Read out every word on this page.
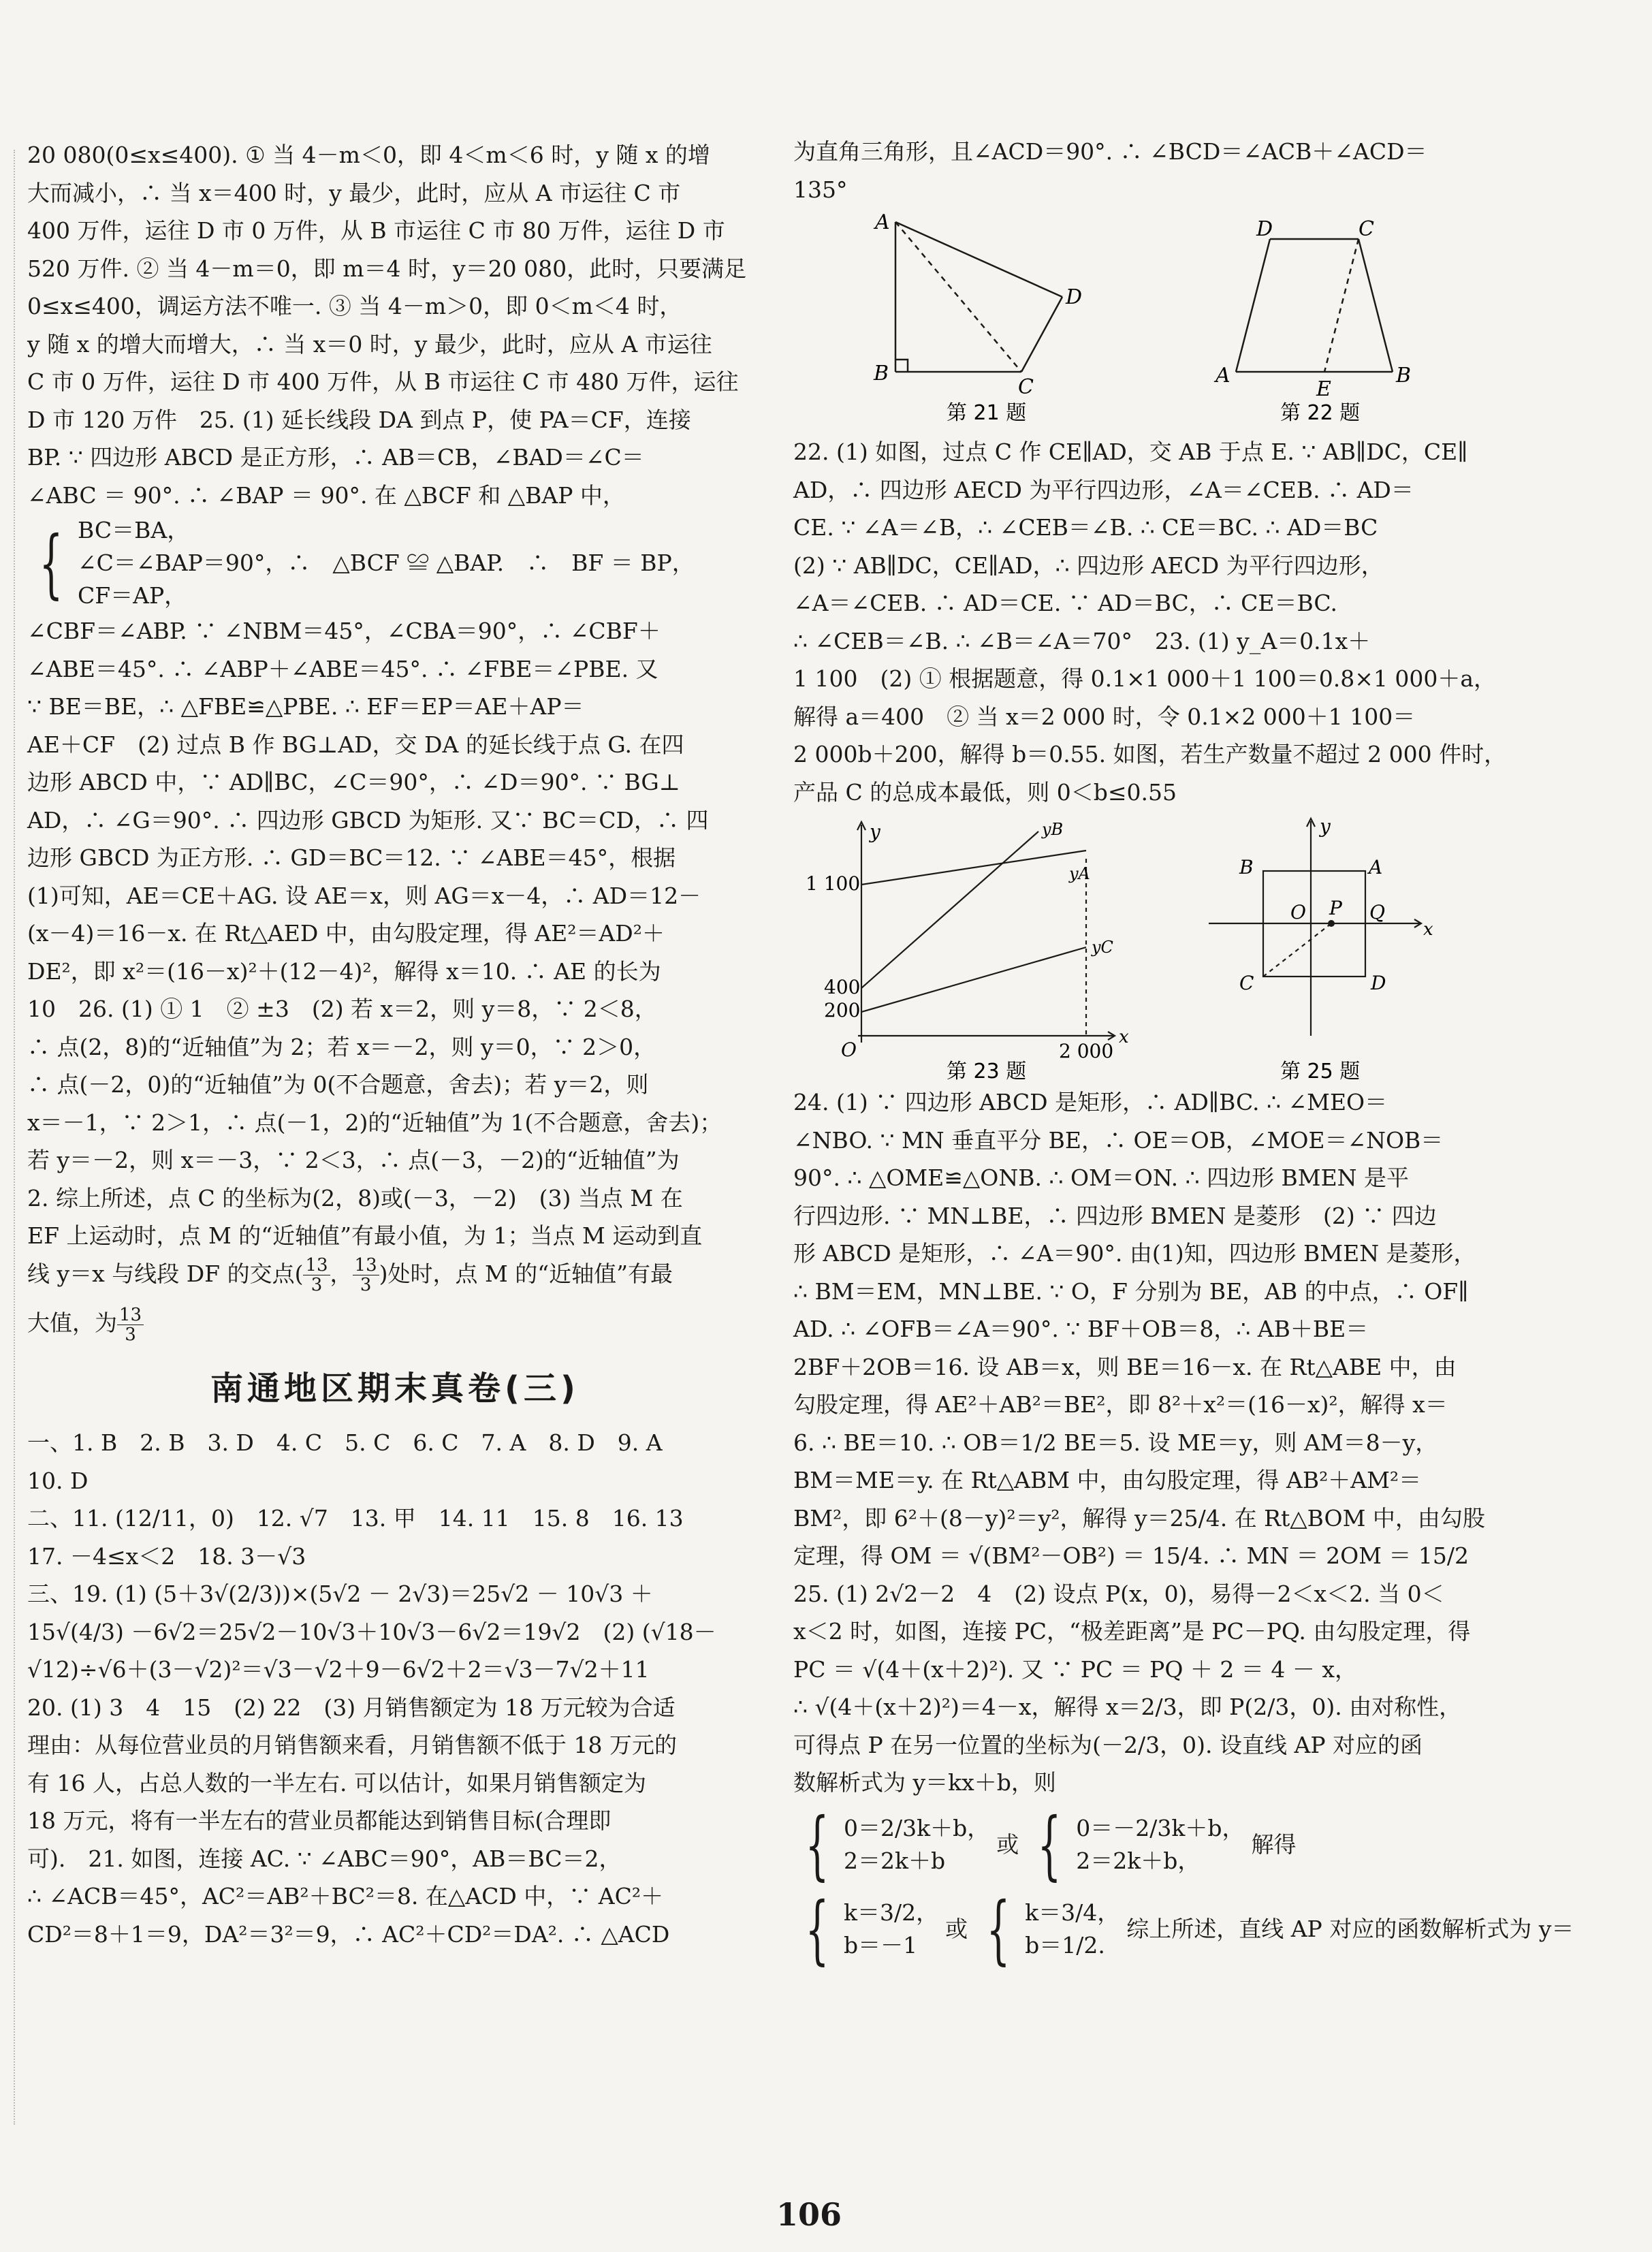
20 080(0≤x≤400). ① 当 4－m＜0，即 4＜m＜6 时，y 随 x 的增
大而减小，∴ 当 x＝400 时，y 最少，此时，应从 A 市运往 C 市
400 万件，运往 D 市 0 万件，从 B 市运往 C 市 80 万件，运往 D 市
520 万件. ② 当 4－m＝0，即 m＝4 时，y＝20 080，此时，只要满足
0≤x≤400，调运方法不唯一. ③ 当 4－m＞0，即 0＜m＜4 时，
y 随 x 的增大而增大，∴ 当 x＝0 时，y 最少，此时，应从 A 市运往
C 市 0 万件，运往 D 市 400 万件，从 B 市运往 C 市 480 万件，运往
D 市 120 万件　25. (1) 延长线段 DA 到点 P，使 PA＝CF，连接
BP. ∵ 四边形 ABCD 是正方形，∴ AB＝CB，∠BAD＝∠C＝
∠ABC ＝ 90°. ∴ ∠BAP ＝ 90°. 在 △BCF 和 △BAP 中，
{ BC＝BA，
∠C＝∠BAP＝90°，∴　△BCF ≌ △BAP.　∴　BF ＝ BP，
CF＝AP，
∠CBF＝∠ABP. ∵ ∠NBM＝45°，∠CBA＝90°，∴ ∠CBF＋
∠ABE＝45°. ∴ ∠ABP＋∠ABE＝45°. ∴ ∠FBE＝∠PBE. 又
∵ BE＝BE，∴ △FBE≌△PBE. ∴ EF＝EP＝AE＋AP＝
AE＋CF　(2) 过点 B 作 BG⊥AD，交 DA 的延长线于点 G. 在四
边形 ABCD 中，∵ AD∥BC，∠C＝90°，∴ ∠D＝90°. ∵ BG⊥
AD，∴ ∠G＝90°. ∴ 四边形 GBCD 为矩形. 又∵ BC＝CD，∴ 四
边形 GBCD 为正方形. ∴ GD＝BC＝12. ∵ ∠ABE＝45°，根据
(1)可知，AE＝CE＋AG. 设 AE＝x，则 AG＝x－4，∴ AD＝12－
(x－4)＝16－x. 在 Rt△AED 中，由勾股定理，得 AE²＝AD²＋
DE²，即 x²＝(16－x)²＋(12－4)²，解得 x＝10. ∴ AE 的长为
10　26. (1) ① 1　② ±3　(2) 若 x＝2，则 y＝8，∵ 2＜8，
∴ 点(2，8)的“近轴值”为 2；若 x＝－2，则 y＝0，∵ 2＞0，
∴ 点(－2，0)的“近轴值”为 0(不合题意，舍去)；若 y＝2，则
x＝－1，∵ 2＞1，∴ 点(－1，2)的“近轴值”为 1(不合题意，舍去)；
若 y＝－2，则 x＝－3，∵ 2＜3，∴ 点(－3，－2)的“近轴值”为
2. 综上所述，点 C 的坐标为(2，8)或(－3，－2)　(3) 当点 M 在
EF 上运动时，点 M 的“近轴值”有最小值，为 1；当点 M 运动到直
线 y＝x 与线段 DF 的交点( $\frac{13}{3}$ ， $\frac{13}{3}$ )处时，点 M 的“近轴值”有最
大值，为 $\frac{13}{3}$
南通地区期末真卷(三)
一、1. B　2. B　3. D　4. C　5. C　6. C　7. A　8. D　9. A
10. D
二、11. (12/11，0)　12. √7　13. 甲　14. 11　15. 8　16. 13
17. －4≤x＜2　18. 3－√3
三、19. (1) (5＋3√(2/3))×(5√2 － 2√3)＝25√2 － 10√3 ＋
15√(4/3) －6√2＝25√2－10√3＋10√3－6√2＝19√2　(2) (√18－
√12)÷√6＋(3－√2)²＝√3－√2＋9－6√2＋2＝√3－7√2＋11
20. (1) 3　4　15　(2) 22　(3) 月销售额定为 18 万元较为合适
理由：从每位营业员的月销售额来看，月销售额不低于 18 万元的
有 16 人，占总人数的一半左右. 可以估计，如果月销售额定为
18 万元，将有一半左右的营业员都能达到销售目标(合理即
可).　21. 如图，连接 AC. ∵ ∠ABC＝90°，AB＝BC＝2，
∴ ∠ACB＝45°，AC²＝AB²＋BC²＝8. 在△ACD 中，∵ AC²＋
CD²＝8＋1＝9，DA²＝3²＝9，∴ AC²＋CD²＝DA². ∴ △ACD
为直角三角形，且∠ACD＝90°. ∴ ∠BCD＝∠ACB＋∠ACD＝
135°
A
B
C
D
第 21 题
D	C
A
E
B
第 22 题
22. (1) 如图，过点 C 作 CE∥AD，交 AB 于点 E. ∵ AB∥DC，CE∥
AD，∴ 四边形 AECD 为平行四边形，∠A＝∠CEB. ∴ AD＝
CE. ∵ ∠A＝∠B，∴ ∠CEB＝∠B. ∴ CE＝BC. ∴ AD＝BC
(2) ∵ AB∥DC，CE∥AD，∴ 四边形 AECD 为平行四边形，
∠A＝∠CEB. ∴ AD＝CE. ∵ AD＝BC，∴ CE＝BC.
∴ ∠CEB＝∠B. ∴ ∠B＝∠A＝70°　23. (1) y_A＝0.1x＋
1 100　(2) ① 根据题意，得 0.1×1 000＋1 100＝0.8×1 000＋a，
解得 a＝400　② 当 x＝2 000 时，令 0.1×2 000＋1 100＝
2 000b＋200，解得 b＝0.55. 如图，若生产数量不超过 2 000 件时，
产品 C 的总成本最低，则 0＜b≤0.55
y
x
O
1 100
400
200
2 000
yB
yA
yC
第 23 题
y
x
O
A
B
C	D
P Q
第 25 题
24. (1) ∵ 四边形 ABCD 是矩形，∴ AD∥BC. ∴ ∠MEO＝
∠NBO. ∵ MN 垂直平分 BE，∴ OE＝OB，∠MOE＝∠NOB＝
90°. ∴ △OME≌△ONB. ∴ OM＝ON. ∴ 四边形 BMEN 是平
行四边形. ∵ MN⊥BE，∴ 四边形 BMEN 是菱形　(2) ∵ 四边
形 ABCD 是矩形，∴ ∠A＝90°. 由(1)知，四边形 BMEN 是菱形，
∴ BM＝EM，MN⊥BE. ∵ O，F 分别为 BE，AB 的中点，∴ OF∥
AD. ∴ ∠OFB＝∠A＝90°. ∵ BF＋OB＝8，∴ AB＋BE＝
2BF＋2OB＝16. 设 AB＝x，则 BE＝16－x. 在 Rt△ABE 中，由
勾股定理，得 AE²＋AB²＝BE²，即 8²＋x²＝(16－x)²，解得 x＝
6. ∴ BE＝10. ∴ OB＝1/2 BE＝5. 设 ME＝y，则 AM＝8－y，
BM＝ME＝y. 在 Rt△ABM 中，由勾股定理，得 AB²＋AM²＝
BM²，即 6²＋(8－y)²＝y²，解得 y＝25/4. 在 Rt△BOM 中，由勾股
定理，得 OM ＝ √(BM²－OB²) ＝ 15/4. ∴ MN ＝ 2OM ＝ 15/2
25. (1) 2√2－2　4　(2) 设点 P(x，0)，易得－2＜x＜2. 当 0＜
x＜2 时，如图，连接 PC，“极差距离”是 PC－PQ. 由勾股定理，得
PC ＝ √(4＋(x＋2)²). 又 ∵ PC ＝ PQ ＋ 2 ＝ 4 － x，
∴ √(4＋(x＋2)²)＝4－x，解得 x＝2/3，即 P(2/3，0). 由对称性，
可得点 P 在另一位置的坐标为(－2/3，0). 设直线 AP 对应的函
数解析式为 y＝kx＋b，则
{ 0＝2/3k＋b，
2＝2k＋b
或 { 0＝－2/3k＋b，
2＝2k＋b，
解得
{ k＝3/2，
b＝－1
或 { k＝3/4，
b＝1/2.
综上所述，直线 AP 对应的函数解析式为 y＝
106
